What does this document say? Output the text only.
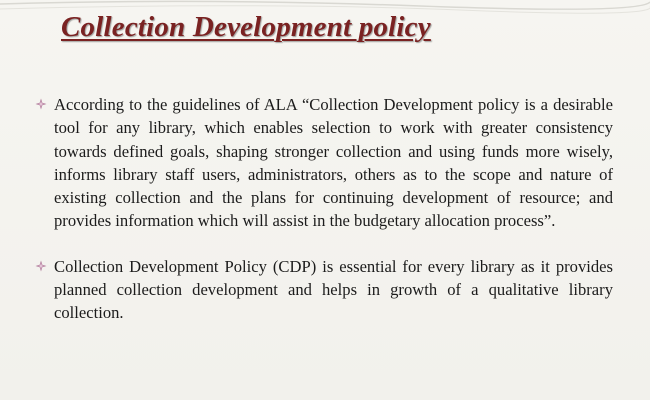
Collection Development policy
According to the guidelines of ALA “Collection Development policy is a desirable tool for any library, which enables selection to work with greater consistency towards defined goals, shaping stronger collection and using funds more wisely, informs library staff users, administrators, others as to the scope and nature of existing collection and the plans for continuing development of resource; and provides information which will assist in the budgetary allocation process”.
Collection Development Policy (CDP) is essential for every library as it provides planned collection development and helps in growth of a qualitative library collection.
